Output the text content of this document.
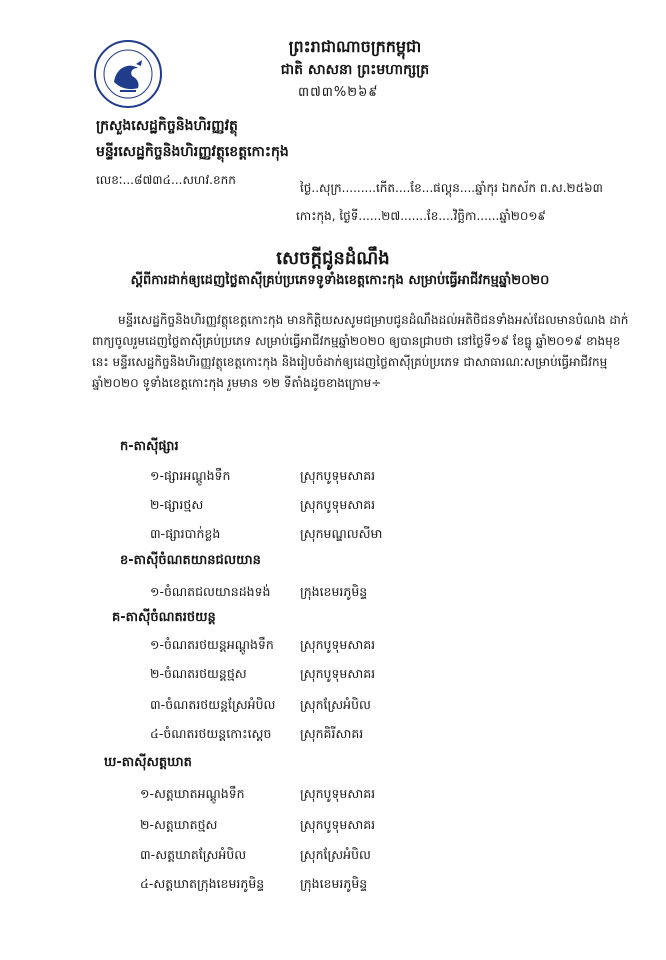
ព្រះរាជាណាចក្រកម្ពុជា
ជាតិ សាសនា ព្រះមហាក្សត្រ
៣៧៣%២៦៩
ក្រសួងសេដ្ឋកិច្ចនិងហិរញ្ញវត្ថុ
មន្ទីរសេដ្ឋកិច្ចនិងហិរញ្ញវត្ថុខេត្តកោះកុង
លេខៈ...៨៧៣៤...សហវ.ខកក
ថ្ងៃ..សុក្រ.........កើត....ខែ...ផល្គុន....ឆ្នាំកុរ ឯកស័ក ព.ស.២៥៦៣
កោះកុង, ថ្ងៃទី......២៧.......ខែ....វិច្ឆិកា......ឆ្នាំ២០១៩
សេចក្តីជូនដំណឹង
ស្តីពីការដាក់ឲ្យដេញថ្លៃតាស៊ីគ្រប់ប្រភេទទូទាំងខេត្តកោះកុង សម្រាប់ធ្វើអាជីវកម្មឆ្នាំ២០២០
មន្ទីរសេដ្ឋកិច្ចនិងហិរញ្ញវត្ថុខេត្តកោះកុង មានកិត្តិយសសូមជម្រាបជូនដំណឹងដល់អតិថិជនទាំងអស់ដែលមានបំណង ដាក់ពាក្យចូលរួមដេញថ្លៃតាស៊ីគ្រប់ប្រភេទ សម្រាប់ធ្វើអាជីវកម្មឆ្នាំ២០២០ ឲ្យបានជ្រាបថា នៅថ្ងៃទី១៩ ខែធ្នូ ឆ្នាំ២០១៩ ខាងមុខនេះ មន្ទីរសេដ្ឋកិច្ចនិងហិរញ្ញវត្ថុខេត្តកោះកុង និងរៀបចំដាក់ឲ្យដេញថ្លៃតាស៊ីគ្រប់ប្រភេទ ជាសាធារណៈសម្រាប់ធ្វើអាជីវកម្មឆ្នាំ២០២០ ទូទាំងខេត្តកោះកុង រួមមាន ១២ ទីតាំងដូចខាងក្រោម÷
ក-តាស៊ីផ្សារ
១-ផ្សារអណ្តូងទឹក	ស្រុកបូទុមសាគរ
២-ផ្សារថ្មស	ស្រុកបូទុមសាគរ
៣-ផ្សារបាក់ខ្លង	ស្រុកមណ្ឌលសីមា
ខ-តាស៊ីចំណតយានជលយាន
១-ចំណតជលយានដងទង់ ក្រុងខេមរភូមិន្ទ
គ-តាស៊ីចំណតរថយន្ត
១-ចំណតរថយន្តអណ្តូងទឹក ស្រុកបូទុមសាគរ
២-ចំណតរថយន្តថ្មស	ស្រុកបូទុមសាគរ
៣-ចំណតរថយន្តស្រែអំបិល ស្រុកស្រែអំបិល
៤-ចំណតរថយន្តកោះស្ដេច ស្រុកគិរីសាគរ
ឃ-តាស៊ីសត្តឃាត
១-សត្តឃាតអណ្តូងទឹក	ស្រុកបូទុមសាគរ
២-សត្តឃាតថ្មស	ស្រុកបូទុមសាគរ
៣-សត្តឃាតស្រែអំបិល	ស្រុកស្រែអំបិល
៤-សត្តឃាតក្រុងខេមរភូមិន្ទ	ក្រុងខេមរភូមិន្ទ
